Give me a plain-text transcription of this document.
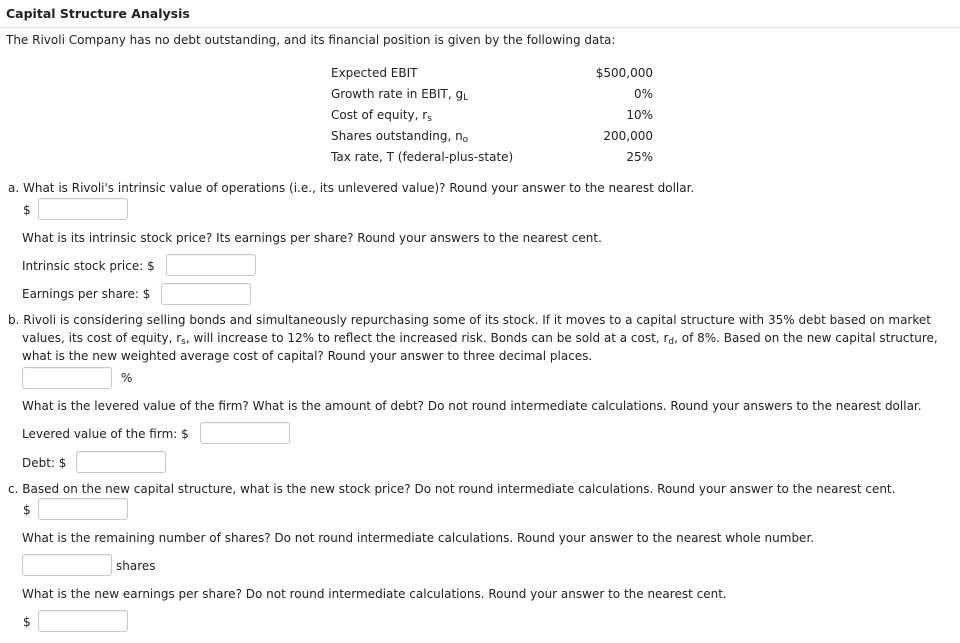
Capital Structure Analysis
The Rivoli Company has no debt outstanding, and its financial position is given by the following data:
Expected EBIT	$500,000
Growth rate in EBIT, $g_L$	0%
Cost of equity, $r_s$	10%
Shares outstanding, $n_o$	200,000
Tax rate, T (federal-plus-state)	25%
a. What is Rivoli's intrinsic value of operations (i.e., its unlevered value)? Round your answer to the nearest dollar.
$
What is its intrinsic stock price? Its earnings per share? Round your answers to the nearest cent.
Intrinsic stock price: $
Earnings per share: $
b. Rivoli is considering selling bonds and simultaneously repurchasing some of its stock. If it moves to a capital structure with 35% debt based on market
values, its cost of equity, $r_s$, will increase to 12% to reflect the increased risk. Bonds can be sold at a cost, $r_d$, of 8%. Based on the new capital structure,
what is the new weighted average cost of capital? Round your answer to three decimal places.
%
What is the levered value of the firm? What is the amount of debt? Do not round intermediate calculations. Round your answers to the nearest dollar.
Levered value of the firm: $
Debt: $
c. Based on the new capital structure, what is the new stock price? Do not round intermediate calculations. Round your answer to the nearest cent.
$
What is the remaining number of shares? Do not round intermediate calculations. Round your answer to the nearest whole number.
shares
What is the new earnings per share? Do not round intermediate calculations. Round your answer to the nearest cent.
$
